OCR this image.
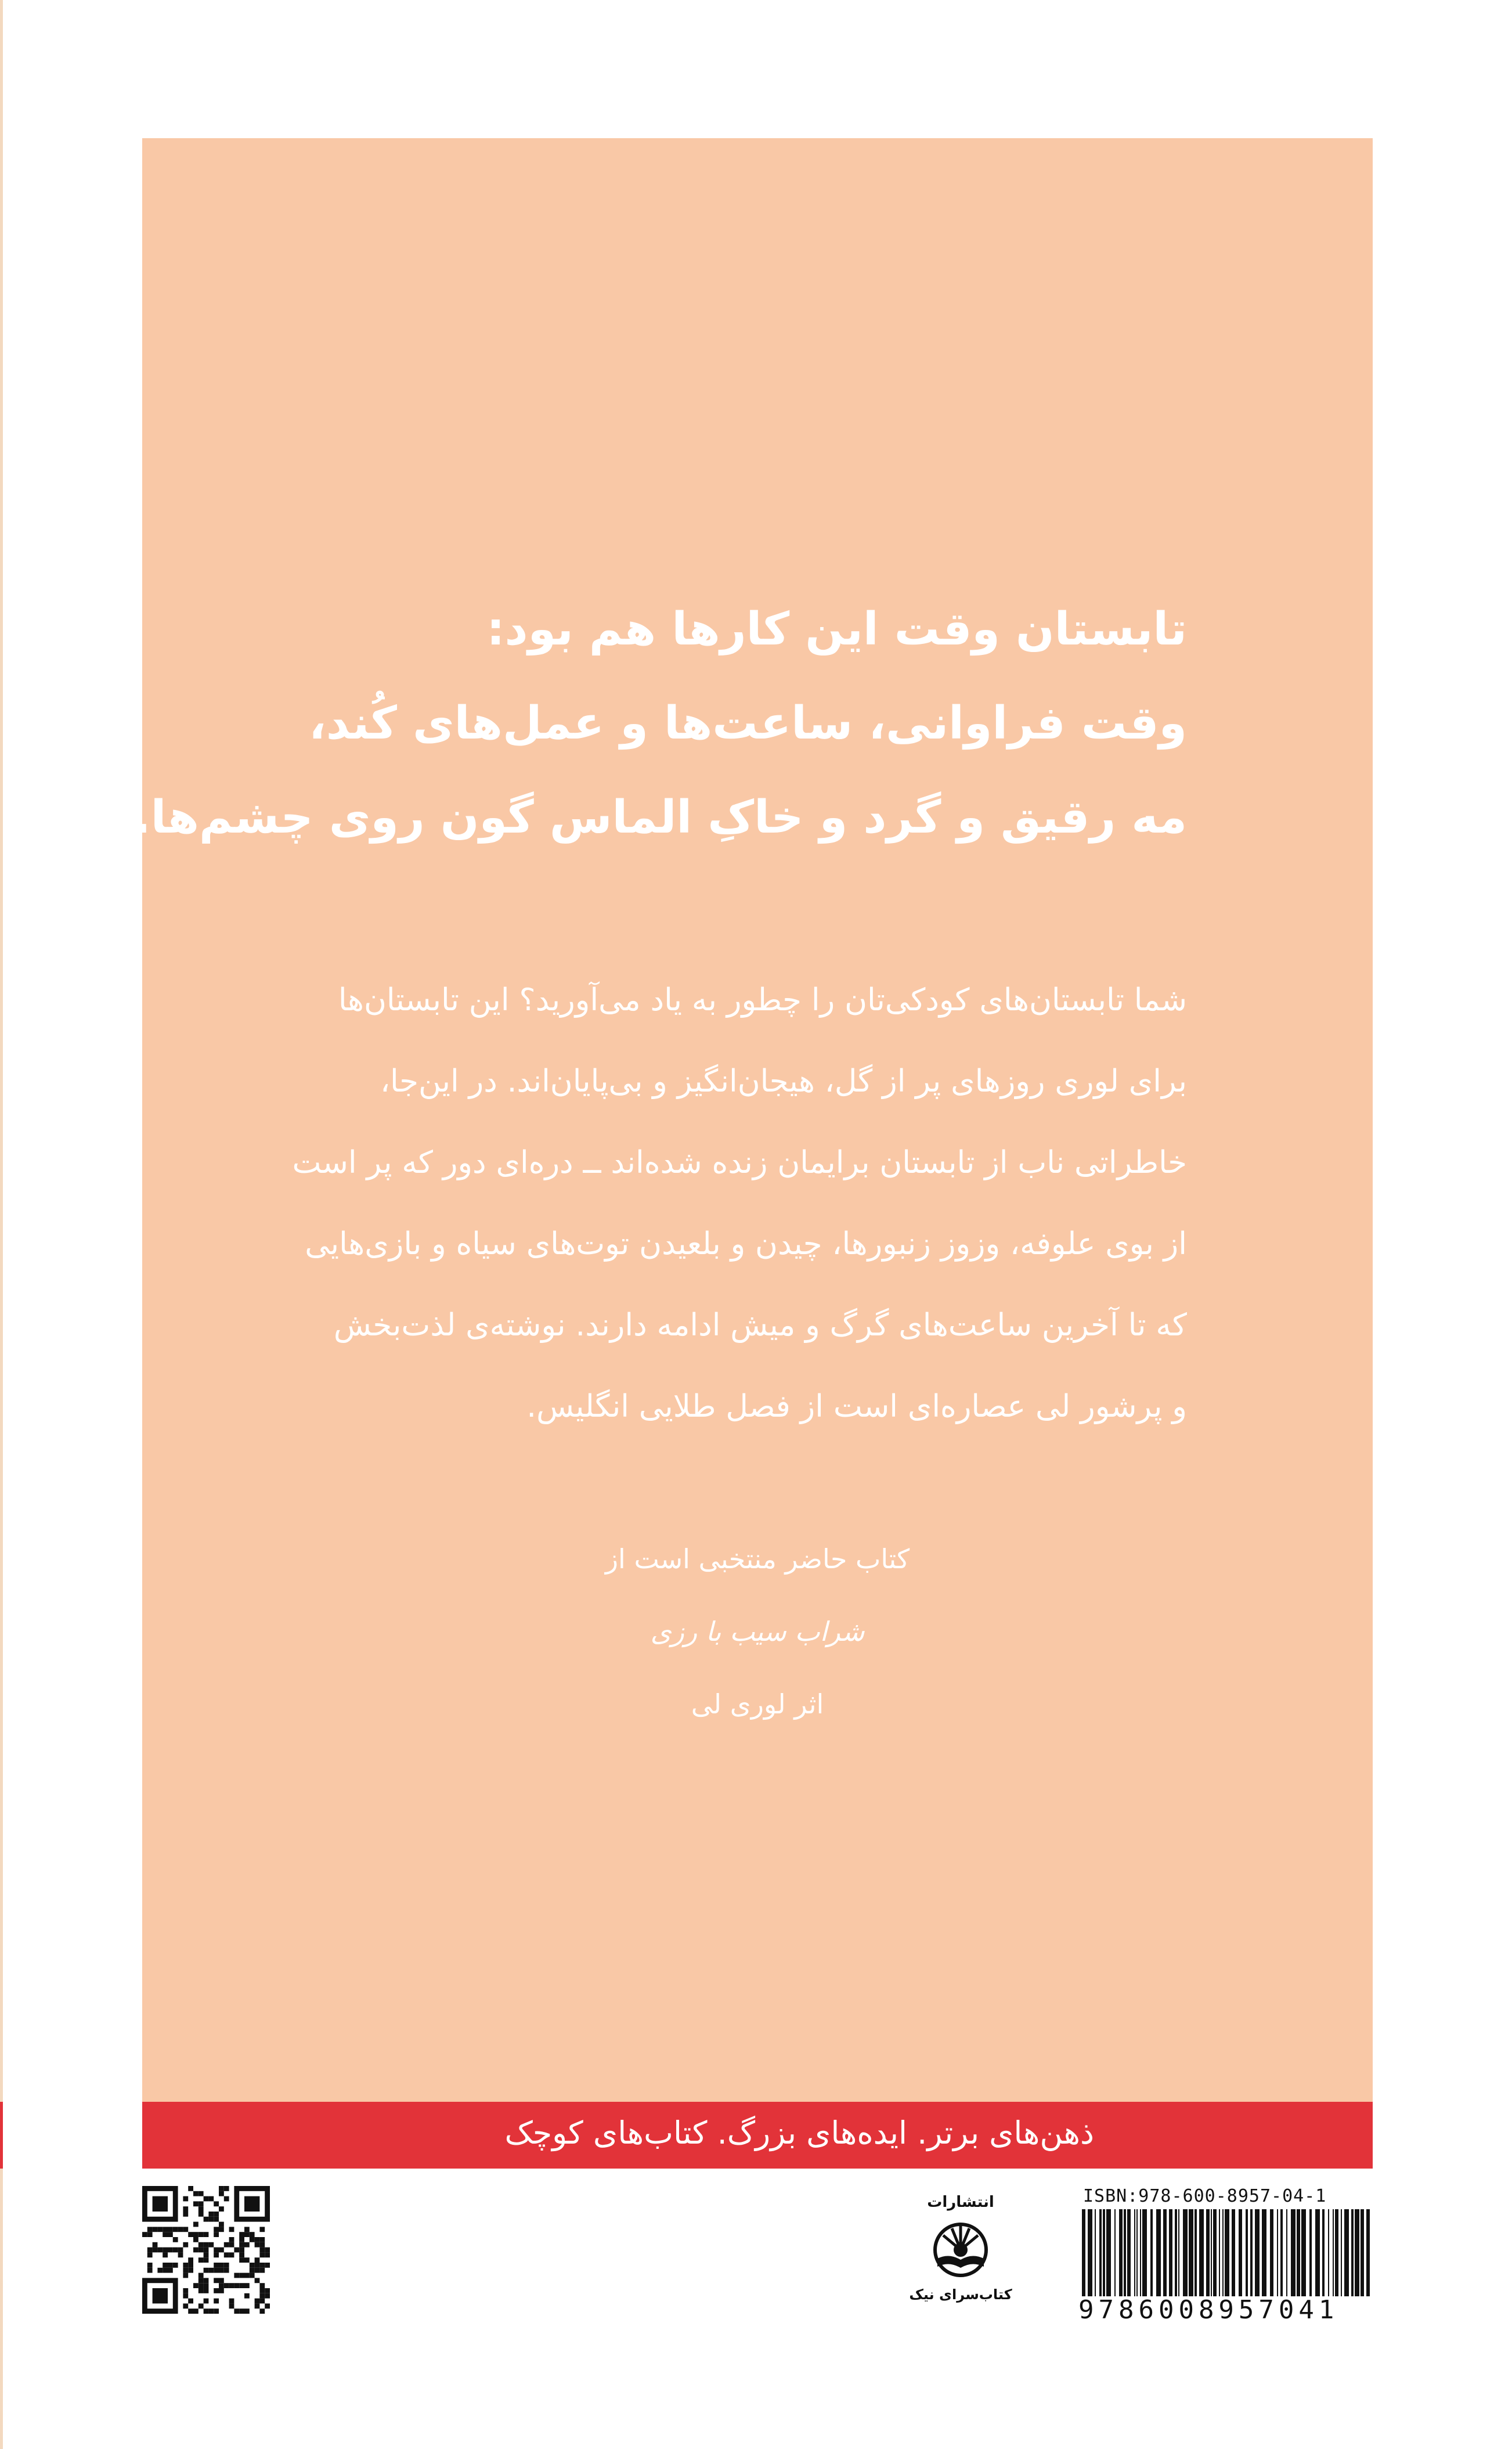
تابستان وقت این کارها هم بود:
وقت فراوانی، ساعت‌ها و عمل‌های کُند،
مه رقیق و گرد و خاکِ الماس گون روی چشم‌ها.
شما تابستان‌های کودکی‌تان را چطور به یاد می‌آورید؟ این تابستان‌ها
برای لوری روزهای پر از گل، هیجان‌انگیز و بی‌پایان‌اند. در این‌جا،
خاطراتی ناب از تابستان برایمان زنده شده‌اند ــ دره‌ای دور که پر است
از بوی علوفه، وزوز زنبورها، چیدن و بلعیدن توت‌های سیاه و بازی‌هایی
که تا آخرین ساعت‌های گرگ و میش ادامه دارند. نوشته‌ی لذت‌بخش
و پرشور لی عصاره‌ای است از فصل طلایی انگلیس.
کتاب حاضر منتخبی است از
شراب سیب با رزی
اثر لوری لی
ذهن‌های برتر. ایده‌های بزرگ. کتاب‌های کوچک
انتشارات
کتاب‌سرای نیک
ISBN:978-600-8957-04-1
9786008957041
